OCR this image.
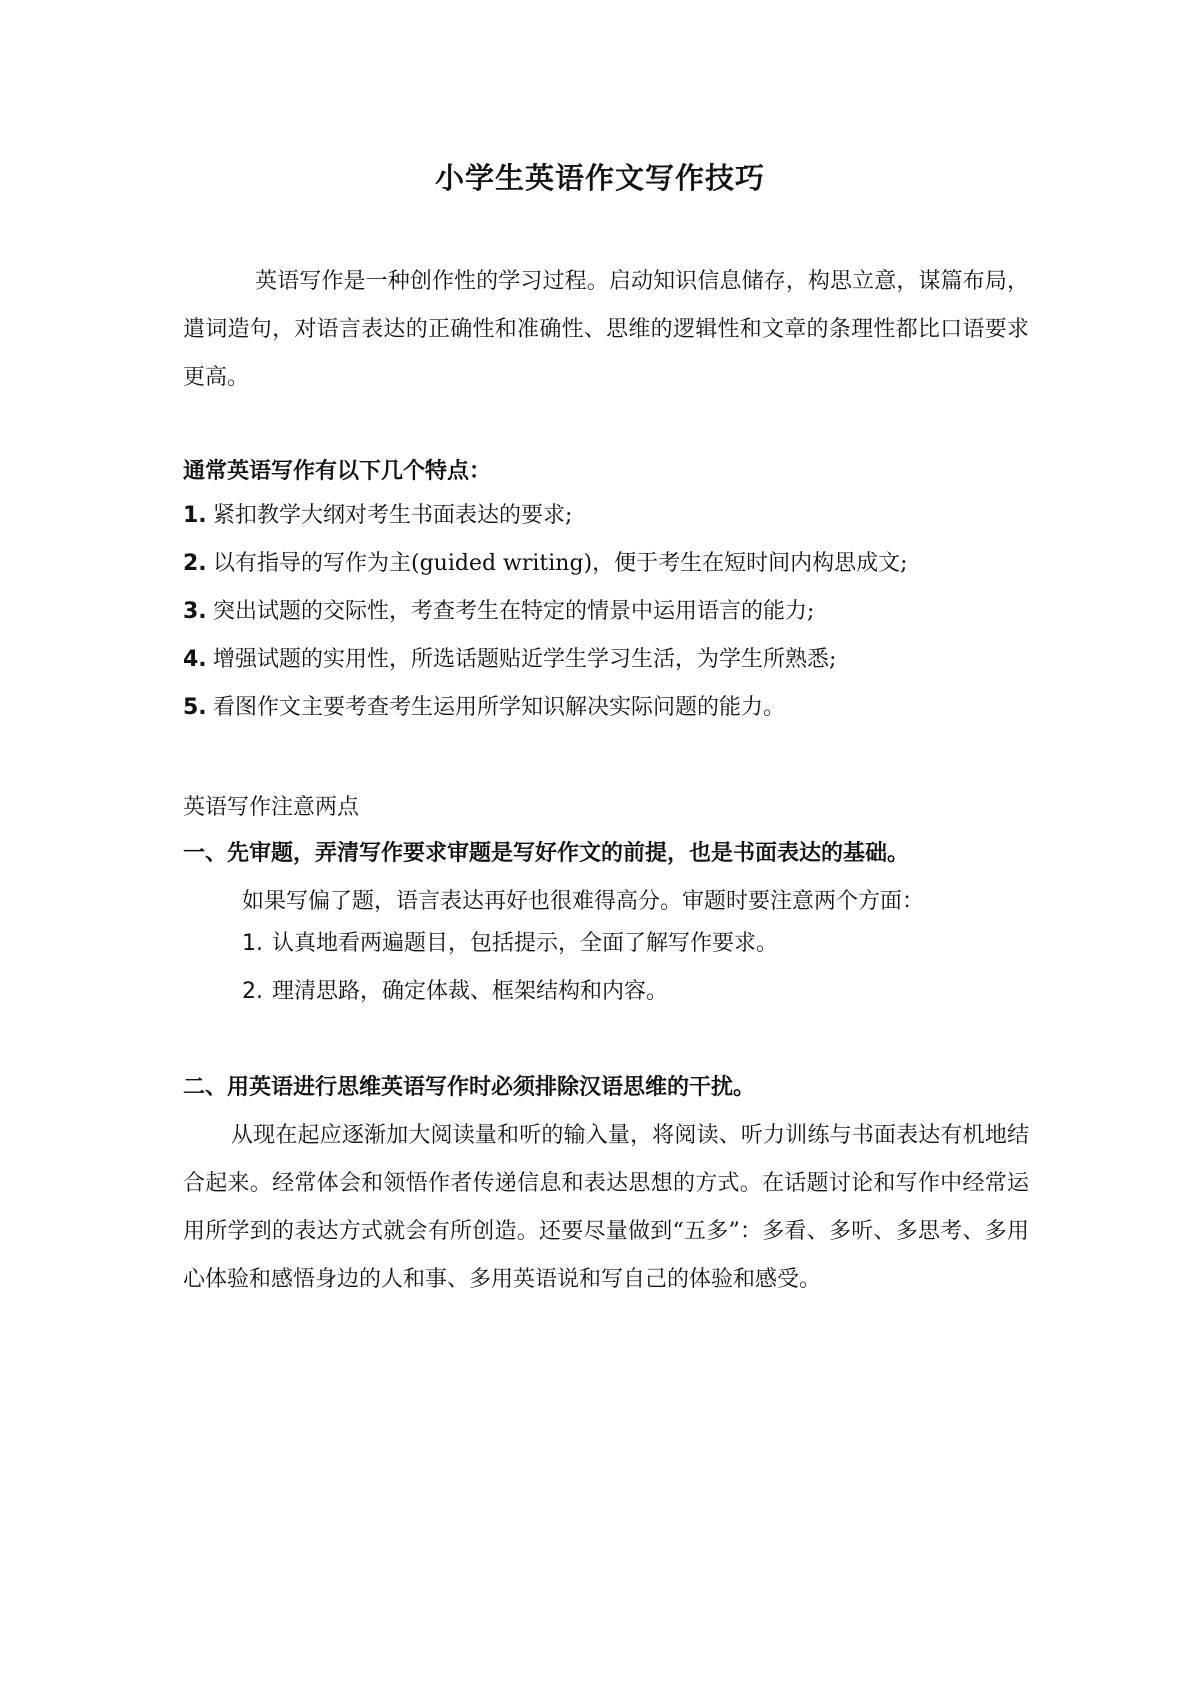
小学生英语作文写作技巧

英语写作是一种创作性的学习过程。启动知识信息储存，构思立意，谋篇布局，遣词造句，对语言表达的正确性和准确性、思维的逻辑性和文章的条理性都比口语要求更高。

通常英语写作有以下几个特点：
1. 紧扣教学大纲对考生书面表达的要求;
2. 以有指导的写作为主(guided writing)，便于考生在短时间内构思成文;
3. 突出试题的交际性，考查考生在特定的情景中运用语言的能力;
4. 增强试题的实用性，所选话题贴近学生学习生活，为学生所熟悉;
5. 看图作文主要考查考生运用所学知识解决实际问题的能力。
英语写作注意两点
一、先审题，弄清写作要求审题是写好作文的前提，也是书面表达的基础。
如果写偏了题，语言表达再好也很难得高分。审题时要注意两个方面：
1. 认真地看两遍题目，包括提示，全面了解写作要求。
2. 理清思路，确定体裁、框架结构和内容。
二、用英语进行思维英语写作时必须排除汉语思维的干扰。

从现在起应逐渐加大阅读量和听的输入量，将阅读、听力训练与书面表达有机地结合起来。经常体会和领悟作者传递信息和表达思想的方式。在话题讨论和写作中经常运用所学到的表达方式就会有所创造。还要尽量做到“五多”：多看、多听、多思考、多用心体验和感悟身边的人和事、多用英语说和写自己的体验和感受。
